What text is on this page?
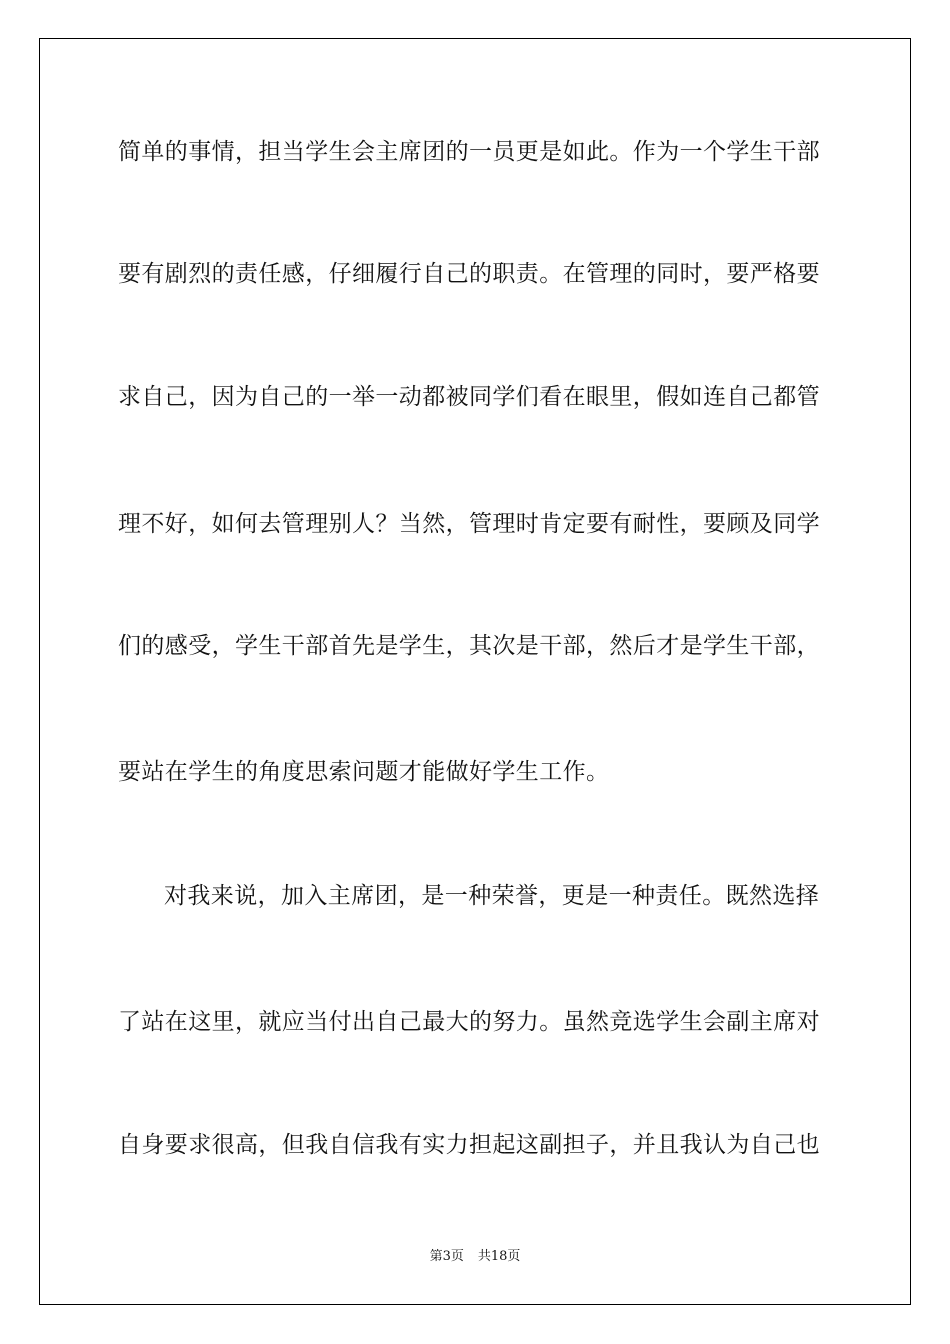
简单的事情，担当学生会主席团的一员更是如此。作为一个学生干部
要有剧烈的责任感，仔细履行自己的职责。在管理的同时，要严格要
求自己，因为自己的一举一动都被同学们看在眼里，假如连自己都管
理不好，如何去管理别人？当然，管理时肯定要有耐性，要顾及同学
们的感受，学生干部首先是学生，其次是干部，然后才是学生干部，
要站在学生的角度思索问题才能做好学生工作。
对我来说，加入主席团，是一种荣誉，更是一种责任。既然选择
了站在这里，就应当付出自己最大的努力。虽然竞选学生会副主席对
自身要求很高，但我自信我有实力担起这副担子，并且我认为自己也
第3页 共18页
